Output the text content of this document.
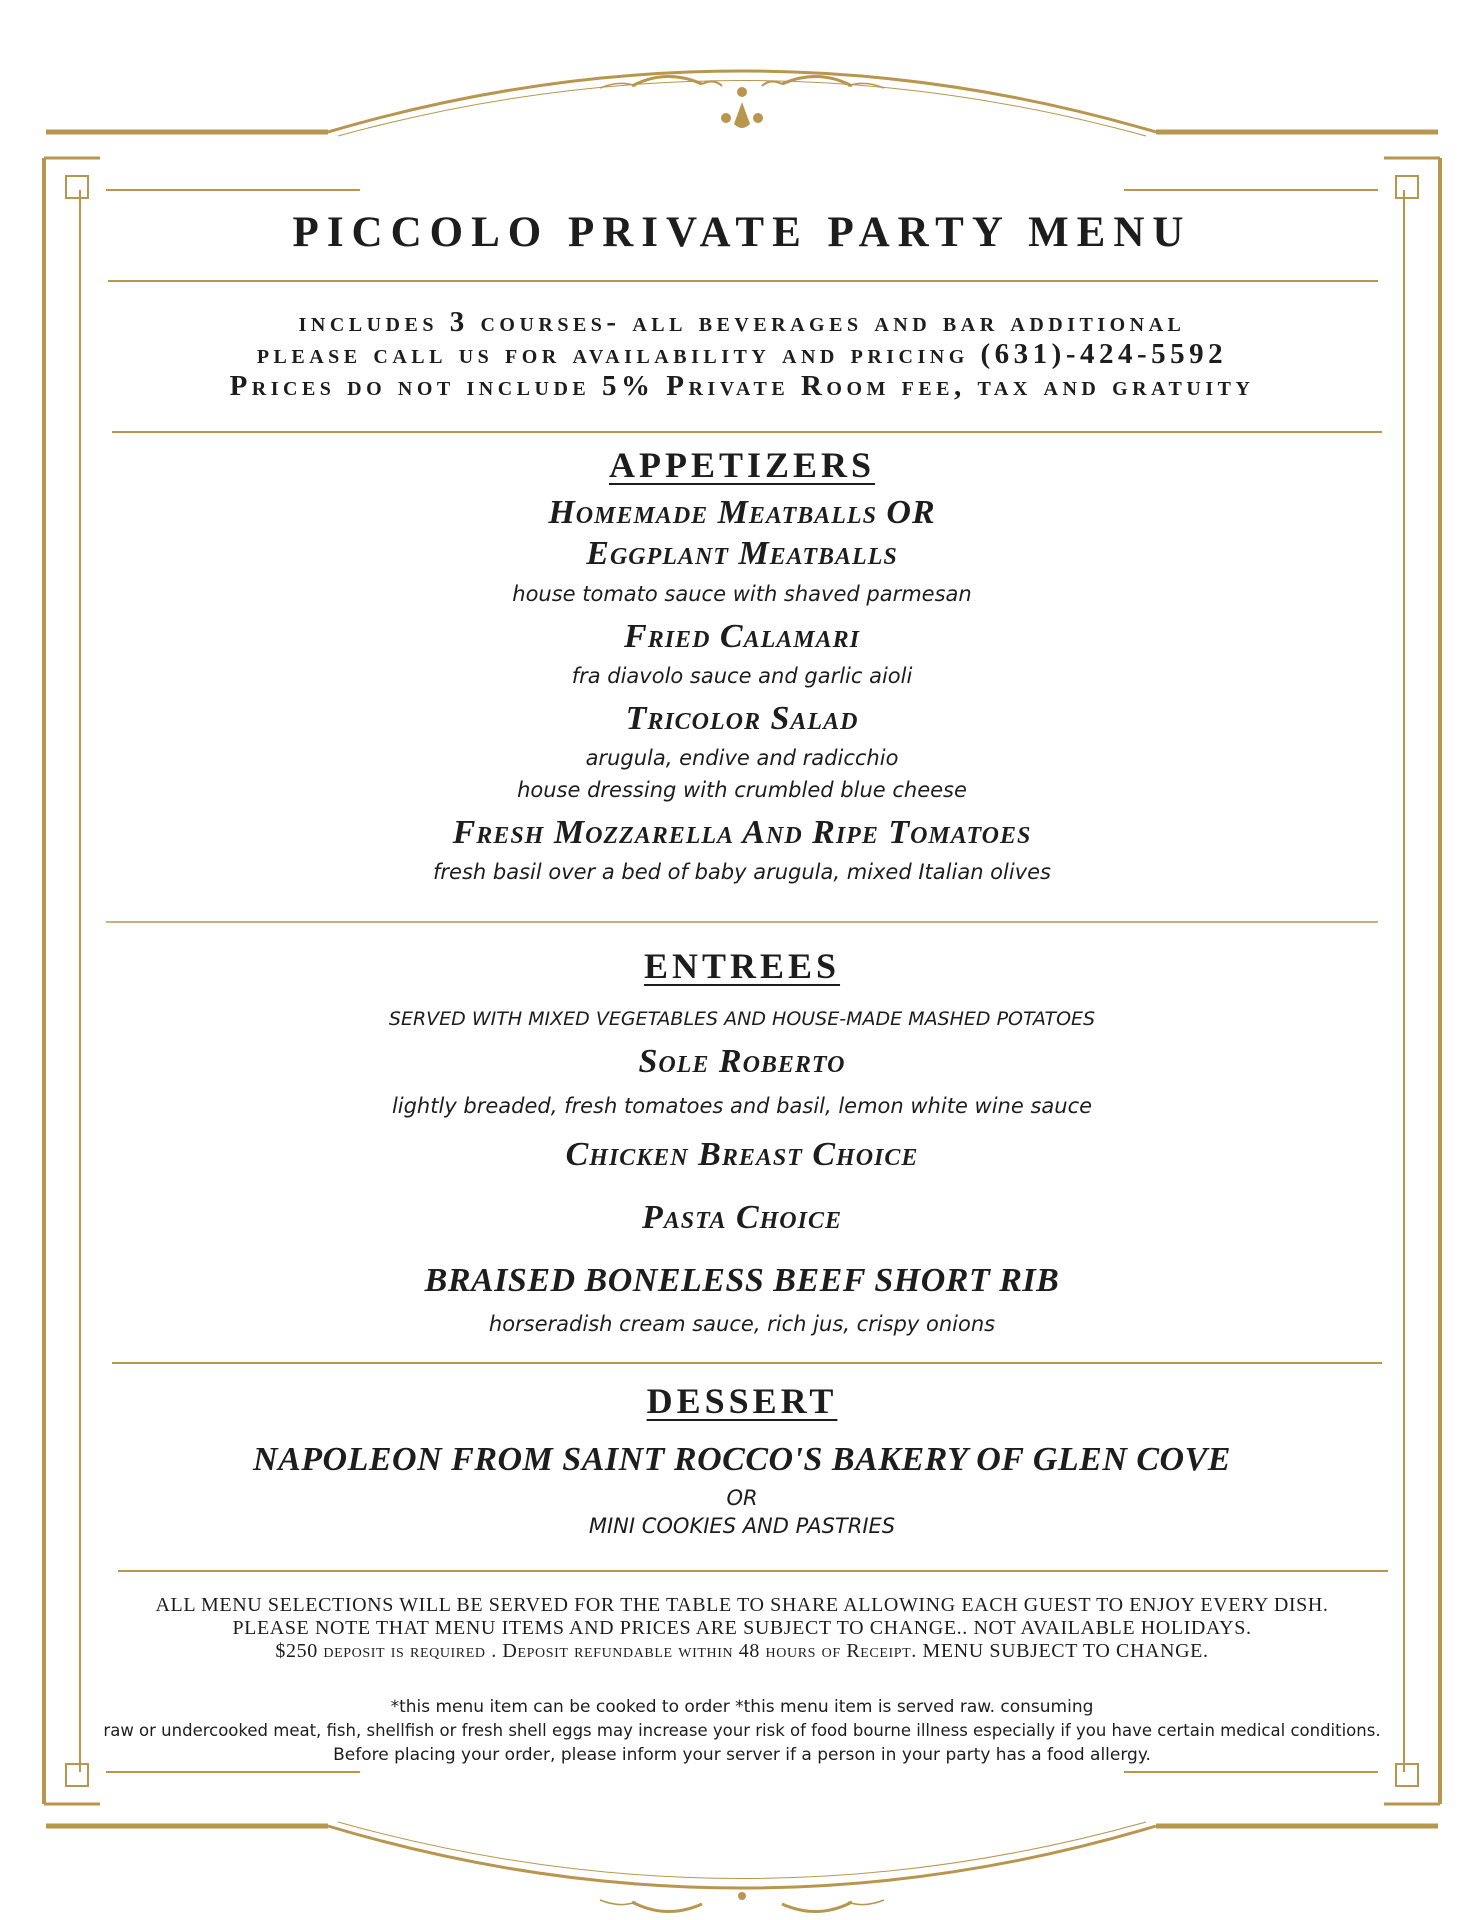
PICCOLO PRIVATE PARTY MENU
includes 3 courses- all beverages and bar additional
please call us for availability and pricing (631)-424-5592
Prices do not include 5% Private Room fee, tax and gratuity
APPETIZERS
Homemade Meatballs OR
Eggplant Meatballs
house tomato sauce with shaved parmesan
Fried Calamari
fra diavolo sauce and garlic aioli
Tricolor Salad
arugula, endive and radicchio
house dressing with crumbled blue cheese
Fresh Mozzarella And Ripe Tomatoes
fresh basil over a bed of baby arugula, mixed Italian olives
ENTREES
SERVED WITH MIXED VEGETABLES AND HOUSE-MADE MASHED POTATOES
Sole Roberto
lightly breaded, fresh tomatoes and basil, lemon white wine sauce
Chicken Breast Choice
Pasta Choice
BRAISED BONELESS BEEF SHORT RIB
horseradish cream sauce, rich jus, crispy onions
DESSERT
NAPOLEON FROM SAINT ROCCO'S BAKERY OF GLEN COVE
OR
MINI COOKIES AND PASTRIES
ALL MENU SELECTIONS WILL BE SERVED FOR THE TABLE TO SHARE ALLOWING EACH GUEST TO ENJOY EVERY DISH.
PLEASE NOTE THAT MENU ITEMS AND PRICES ARE SUBJECT TO CHANGE.. NOT AVAILABLE HOLIDAYS.
$250 deposit is required . Deposit refundable within 48 hours of Receipt. MENU SUBJECT TO CHANGE.
*this menu item can be cooked to order *this menu item is served raw. consuming
raw or undercooked meat, fish, shellfish or fresh shell eggs may increase your risk of food bourne illness especially if you have certain medical conditions.
Before placing your order, please inform your server if a person in your party has a food allergy.
